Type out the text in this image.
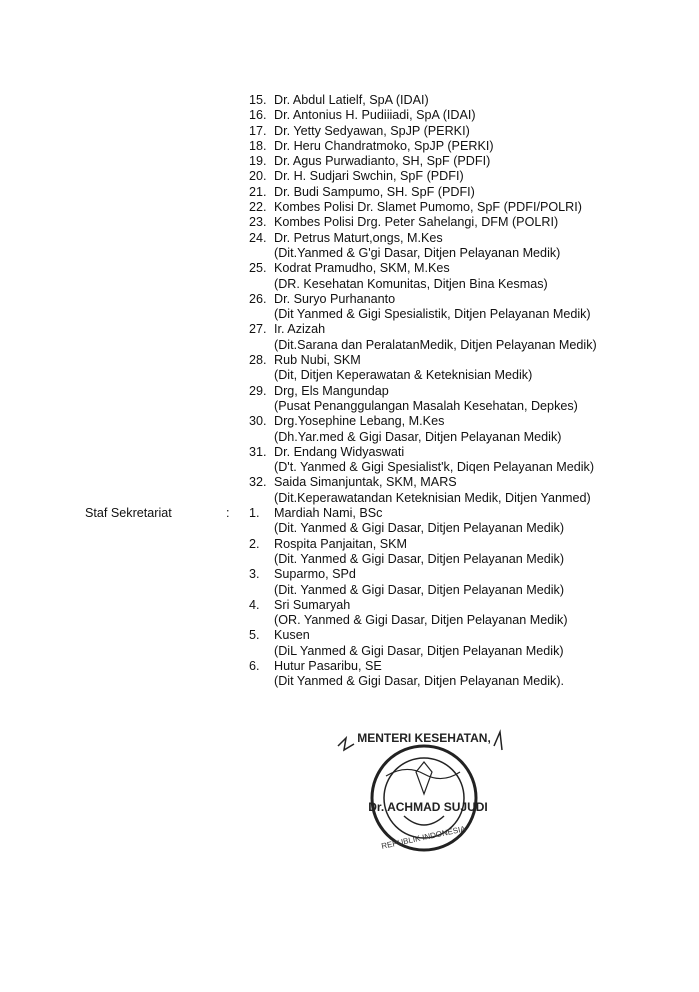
15. Dr. Abdul Latielf, SpA (IDAI)
16. Dr. Antonius H. Pudiiiadi, SpA (IDAI)
17. Dr. Yetty Sedyawan, SpJP (PERKI)
18. Dr. Heru Chandratmoko, SpJP (PERKI)
19. Dr. Agus Purwadianto, SH, SpF (PDFI)
20. Dr. H. Sudjari Swchin, SpF (PDFI)
21. Dr. Budi Sampumo, SH. SpF (PDFI)
22. Kombes Polisi Dr. Slamet Pumomo, SpF (PDFI/POLRI)
23. Kombes Polisi Drg. Peter Sahelangi, DFM (POLRI)
24. Dr. Petrus Maturt,ongs, M.Kes
(Dit.Yanmed & G'gi Dasar, Ditjen Pelayanan Medik)
25. Kodrat Pramudho, SKM, M.Kes
(DR. Kesehatan Komunitas, Ditjen Bina Kesmas)
26. Dr. Suryo Purhananto
(Dit Yanmed & Gigi Spesialistik, Ditjen Pelayanan Medik)
27. Ir. Azizah
(Dit.Sarana dan PeralatanMedik, Ditjen Pelayanan Medik)
28. Rub Nubi, SKM
(Dit, Ditjen Keperawatan & Keteknisian Medik)
29. Drg, Els Mangundap
(Pusat Penanggulangan Masalah Kesehatan, Depkes)
30. Drg.Yosephine Lebang, M.Kes
(Dh.Yar.med & Gigi Dasar, Ditjen Pelayanan Medik)
31. Dr. Endang Widyaswati
(D't. Yanmed & Gigi Spesialist'k, Diqen Pelayanan Medik)
32. Saida Simanjuntak, SKM, MARS
(Dit.Keperawatandan Keteknisian Medik, Ditjen Yanmed)
Staf Sekretariat	: 1.	Mardiah Nami, BSc
(Dit. Yanmed & Gigi Dasar, Ditjen Pelayanan Medik)
2.	Rospita Panjaitan, SKM
(Dit. Yanmed & Gigi Dasar, Ditjen Pelayanan Medik)
3.	Suparmo, SPd
(Dit. Yanmed & Gigi Dasar, Ditjen Pelayanan Medik)
4.	Sri Sumaryah
(OR. Yanmed & Gigi Dasar, Ditjen Pelayanan Medik)
5.	Kusen
(DiL Yanmed & Gigi Dasar, Ditjen Pelayanan Medik)
6.	Hutur Pasaribu, SE
(Dit Yanmed & Gigi Dasar, Ditjen Pelayanan Medik).
MENTERI KESEHATAN,
Dr. ACHMAD SUJUDI
REPUBLIK INDONESIA
